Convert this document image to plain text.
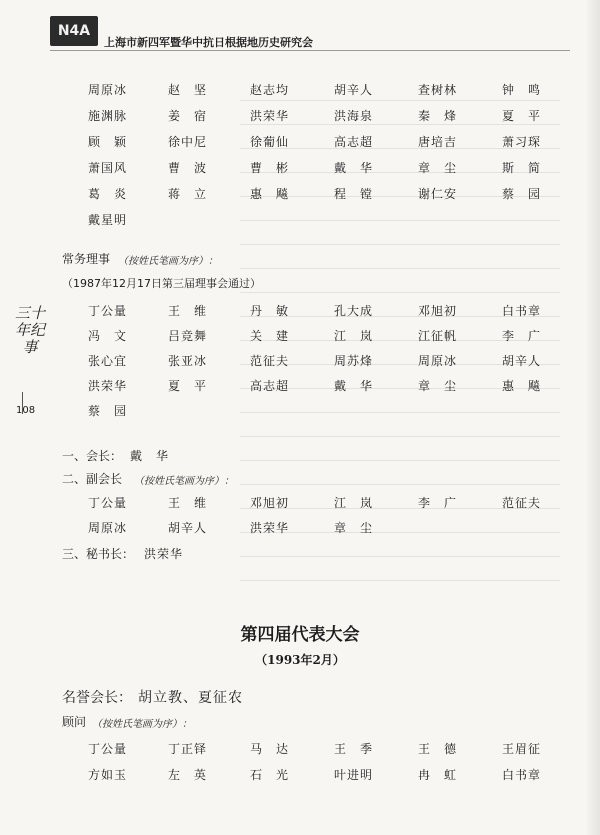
N4A
上海市新四军暨华中抗日根据地历史研究会
三十年纪事
108
周原冰	赵　坚	赵志均	胡辛人	查树林	钟　鸣
施渊脉	姜　宿	洪荣华	洪海泉	秦　烽	夏　平
顾　颖	徐中尼	徐葡仙	高志超	唐培吉	萧习琛
萧国风	曹　波	曹　彬	戴　华	章　尘	斯　简
葛　炎	蒋　立	惠　飚	程　镗	谢仁安	蔡　园
戴星明
常务理事 （按姓氏笔画为序）：
（1987年12月17日第三届理事会通过）
丁公量	王　维	丹　敏	孔大成	邓旭初	白书章
冯　文	吕竞舞	关　建	江　岚	江征帆	李　广
张心宜	张亚冰	范征夫	周苏烽	周原冰	胡辛人
洪荣华	夏　平	高志超	戴　华	章　尘	惠　飚
蔡　园
一、会长： 戴　华
二、副会长 （按姓氏笔画为序）：
丁公量	王　维	邓旭初	江　岚	李　广	范征夫
周原冰	胡辛人	洪荣华	章　尘
三、秘书长： 洪荣华
第四届代表大会
（1993年2月）
名誉会长： 胡立教、夏征农
顾问 （按姓氏笔画为序）：
丁公量	丁正铎	马　达	王　季	王　德	王眉征
方如玉	左　英	石　光	叶进明	冉　虹	白书章
